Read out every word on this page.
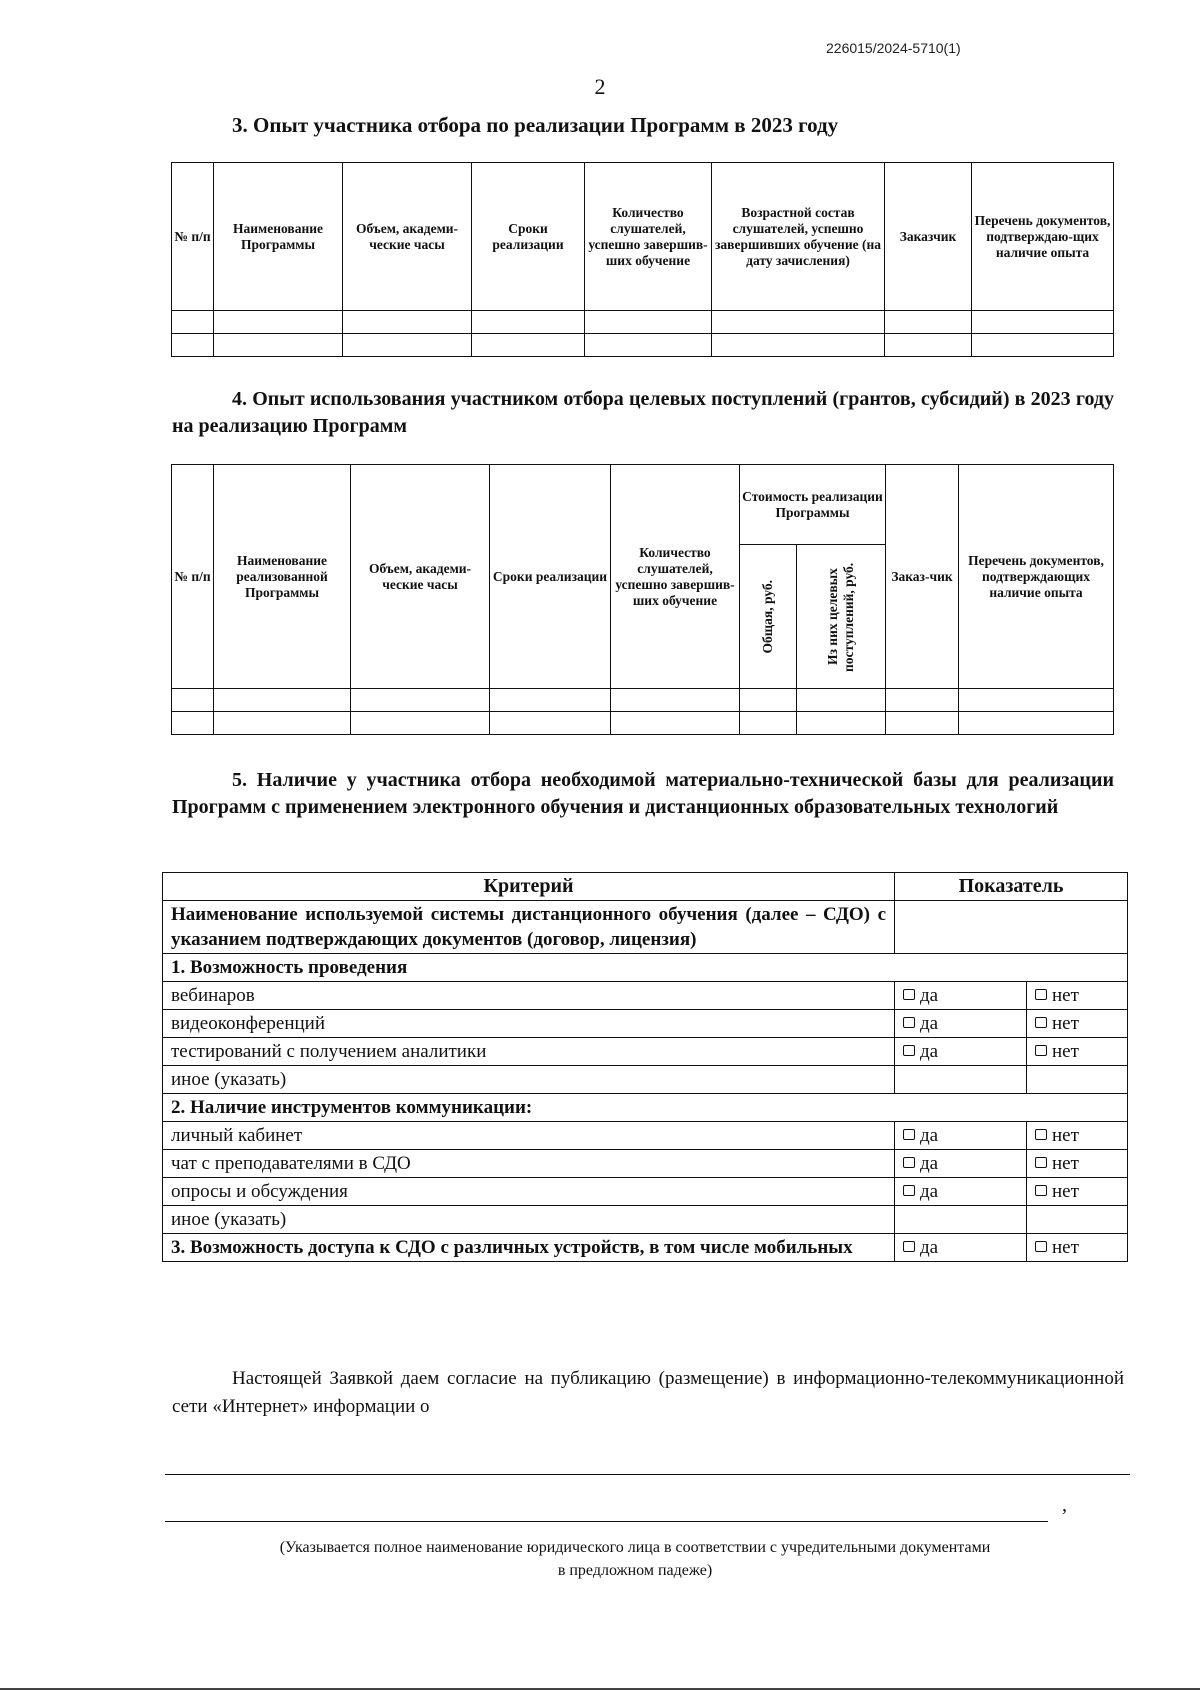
226015/2024-5710(1)
2
3. Опыт участника отбора по реализации Программ в 2023 году
№ п/п	Наименование Программы	Объем, академи-ческие часы	Сроки реализации	Количество слушателей, успешно завершив-ших обучение	Возрастной состав слушателей, успешно завершивших обучение (на дату зачисления)	Заказчик	Перечень документов, подтверждаю-щих наличие опыта

4. Опыт использования участником отбора целевых поступлений (грантов, субсидий) в 2023 году на реализацию Программ
№ п/п	Наименование реализованной Программы	Объем, академи-ческие часы	Сроки реализации	Количество слушателей, успешно завершив-ших обучение	Стоимость реализации Программы		Заказ-чик	Перечень документов, подтверждающих наличие опыта

					Общая, руб.	Из них целевых поступлений, руб.		

5. Наличие у участника отбора необходимой материально-технической базы для реализации Программ с применением электронного обучения и дистанционных образовательных технологий
Критерий	Показатель	
Наименование используемой системы дистанционного обучения (далее – СДО) с указанием подтверждающих документов (договор, лицензия)		
1. Возможность проведения		
вебинаров	да	нет
видеоконференций	да	нет
тестирований с получением аналитики	да	нет
иное (указать)		
2. Наличие инструментов коммуникации:		
личный кабинет	да	нет
чат с преподавателями в СДО	да	нет
опросы и обсуждения	да	нет
иное (указать)		
3. Возможность доступа к СДО с различных устройств, в том числе мобильных	да	нет
Настоящей Заявкой даем согласие на публикацию (размещение) в информационно-телекоммуникационной сети «Интернет» информации о
,
(Указывается полное наименование юридического лица в соответствии с учредительными документами
в предложном падеже)
